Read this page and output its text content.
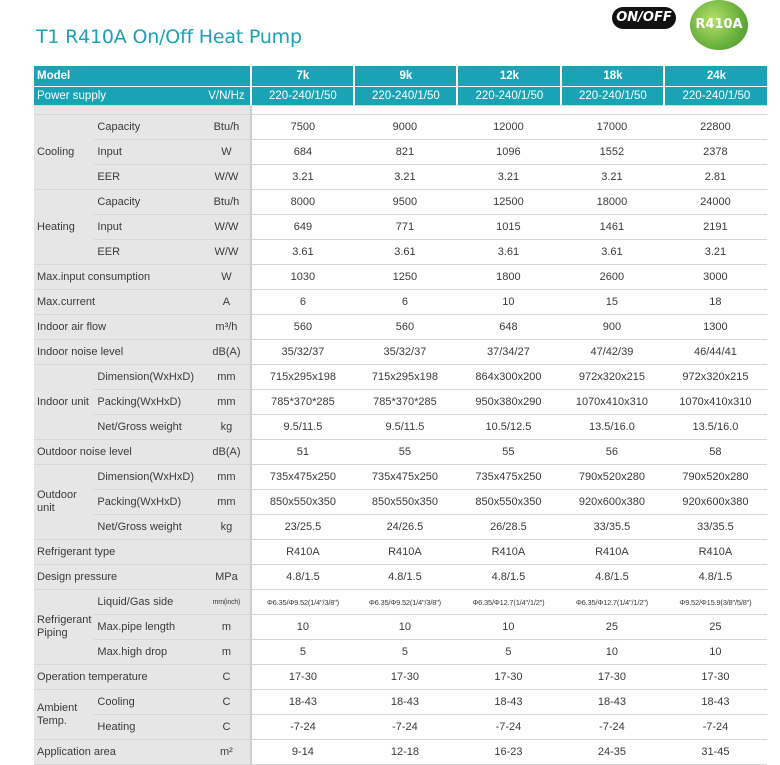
T1 R410A On/Off Heat Pump
ON/OFF	R410A
Model			7k	9k	12k	18k	24k
Power supply		V/N/Hz	220-240/1/50	220-240/1/50	220-240/1/50	220-240/1/50	220-240/1/50

Cooling	Capacity	Btu/h	7500	9000	12000	17000	22800
	Input	W	684	821	1096	1552	2378
	EER	W/W	3.21	3.21	3.21	3.21	2.81
Heating	Capacity	Btu/h	8000	9500	12500	18000	24000
	Input	W/W	649	771	1015	1461	2191
	EER	W/W	3.61	3.61	3.61	3.61	3.21
Max.input consumption		W	1030	1250	1800	2600	3000
Max.current		A	6	6	10	15	18
Indoor air flow		m³/h	560	560	648	900	1300
Indoor noise level		dB(A)	35/32/37	35/32/37	37/34/27	47/42/39	46/44/41
Indoor unit	Dimension(WxHxD)	mm	715x295x198	715x295x198	864x300x200	972x320x215	972x320x215
	Packing(WxHxD)	mm	785*370*285	785*370*285	950x380x290	1070x410x310	1070x410x310
	Net/Gross weight	kg	9.5/11.5	9.5/11.5	10.5/12.5	13.5/16.0	13.5/16.0
Outdoor noise level		dB(A)	51	55	55	56	58
Outdoor unit	Dimension(WxHxD)	mm	735x475x250	735x475x250	735x475x250	790x520x280	790x520x280
	Packing(WxHxD)	mm	850x550x350	850x550x350	850x550x350	920x600x380	920x600x380
	Net/Gross weight	kg	23/25.5	24/26.5	26/28.5	33/35.5	33/35.5
Refrigerant type			R410A	R410A	R410A	R410A	R410A
Design pressure		MPa	4.8/1.5	4.8/1.5	4.8/1.5	4.8/1.5	4.8/1.5
Refrigerant Piping	Liquid/Gas side	mm(inch)	Φ6.35/Φ9.52(1/4"/3/8")	Φ6.35/Φ9.52(1/4"/3/8")	Φ6.35/Φ12.7(1/4"/1/2")	Φ6.35/Φ12.7(1/4"/1/2")	Φ9.52/Φ15.9(3/8"/5/8")
	Max.pipe length	m	10	10	10	25	25
	Max.high drop	m	5	5	5	10	10
Operation temperature		C	17-30	17-30	17-30	17-30	17-30
Ambient Temp.	Cooling	C	18-43	18-43	18-43	18-43	18-43
	Heating	C	-7-24	-7-24	-7-24	-7-24	-7-24
Application area		m²	9-14	12-18	16-23	24-35	31-45
